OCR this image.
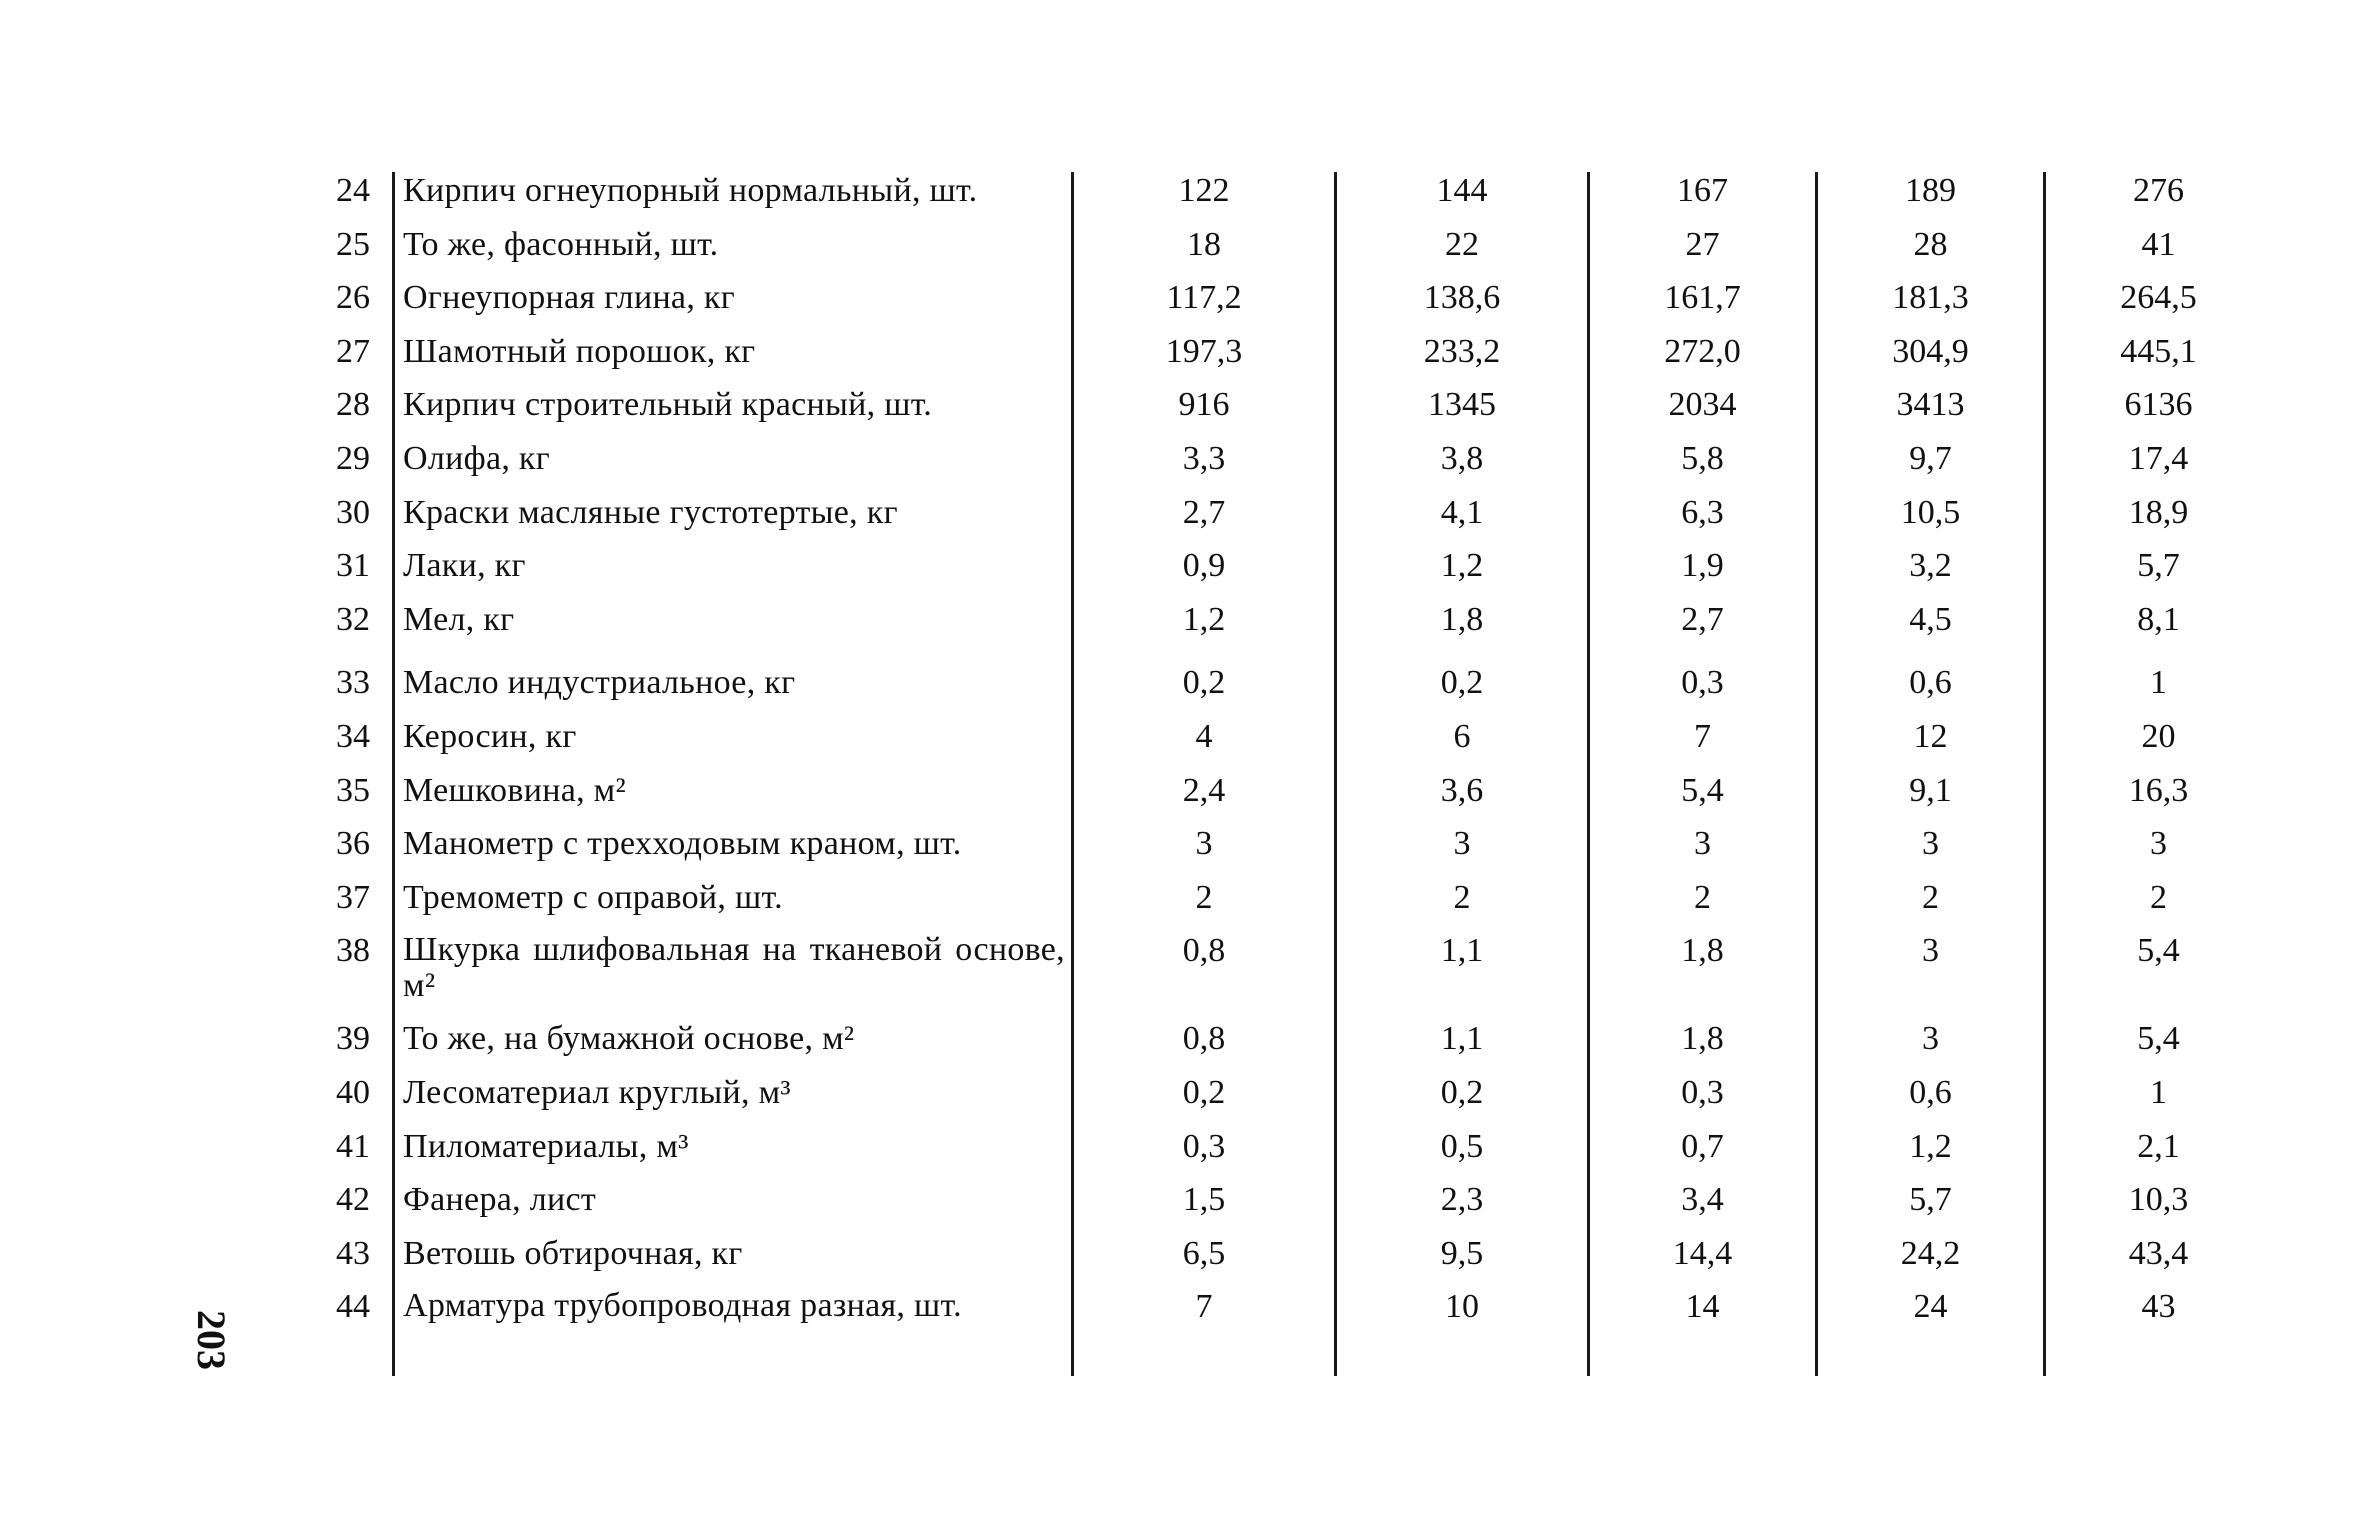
24	Кирпич огнеупорный нормальный, шт.	122	144	167	189	276
25	То же, фасонный, шт.	18	22	27	28	41
26	Огнеупорная глина, кг	117,2	138,6	161,7	181,3	264,5
27	Шамотный порошок, кг	197,3	233,2	272,0	304,9	445,1
28	Кирпич строительный красный, шт.	916	1345	2034	3413	6136
29	Олифа, кг	3,3	3,8	5,8	9,7	17,4
30	Краски масляные густотертые, кг	2,7	4,1	6,3	10,5	18,9
31	Лаки, кг	0,9	1,2	1,9	3,2	5,7
32	Мел, кг	1,2	1,8	2,7	4,5	8,1
33	Масло индустриальное, кг	0,2	0,2	0,3	0,6	1
34	Керосин, кг	4	6	7	12	20
35	Мешковина, м²	2,4	3,6	5,4	9,1	16,3
36	Манометр с трехходовым краном, шт.	3	3	3	3	3
37	Тремометр с оправой, шт.	2	2	2	2	2
38	Шкурка шлифовальная на тканевой основе, м²	0,8	1,1	1,8	3	5,4
39	То же, на бумажной основе, м²	0,8	1,1	1,8	3	5,4
40	Лесоматериал круглый, м³	0,2	0,2	0,3	0,6	1
41	Пиломатериалы, м³	0,3	0,5	0,7	1,2	2,1
42	Фанера, лист	1,5	2,3	3,4	5,7	10,3
43	Ветошь обтирочная, кг	6,5	9,5	14,4	24,2	43,4
44	Арматура трубопроводная разная, шт.	7	10	14	24	43
203
